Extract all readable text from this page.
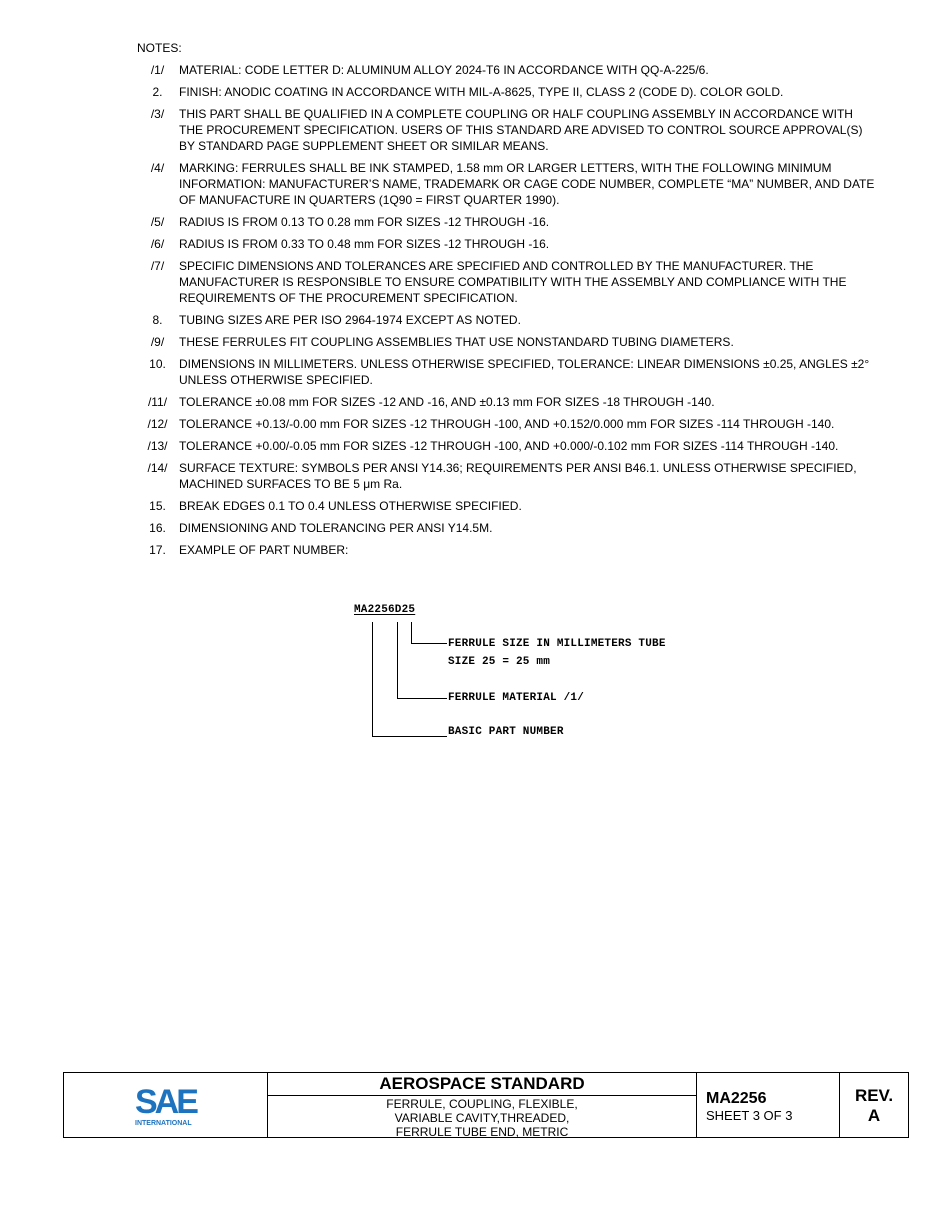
NOTES:
/1/	MATERIAL: CODE LETTER D: ALUMINUM ALLOY 2024-T6 IN ACCORDANCE WITH QQ-A-225/6.
2.	FINISH: ANODIC COATING IN ACCORDANCE WITH MIL-A-8625, TYPE II, CLASS 2 (CODE D). COLOR GOLD.
/3/	THIS PART SHALL BE QUALIFIED IN A COMPLETE COUPLING OR HALF COUPLING ASSEMBLY IN ACCORDANCE WITH THE PROCUREMENT SPECIFICATION. USERS OF THIS STANDARD ARE ADVISED TO CONTROL SOURCE APPROVAL(S) BY STANDARD PAGE SUPPLEMENT SHEET OR SIMILAR MEANS.
/4/	MARKING: FERRULES SHALL BE INK STAMPED, 1.58 mm OR LARGER LETTERS, WITH THE FOLLOWING MINIMUM INFORMATION: MANUFACTURER’S NAME, TRADEMARK OR CAGE CODE NUMBER, COMPLETE “MA” NUMBER, AND DATE OF MANUFACTURE IN QUARTERS (1Q90 = FIRST QUARTER 1990).
/5/	RADIUS IS FROM 0.13 TO 0.28 mm FOR SIZES -12 THROUGH -16.
/6/	RADIUS IS FROM 0.33 TO 0.48 mm FOR SIZES -12 THROUGH -16.
/7/	SPECIFIC DIMENSIONS AND TOLERANCES ARE SPECIFIED AND CONTROLLED BY THE MANUFACTURER. THE MANUFACTURER IS RESPONSIBLE TO ENSURE COMPATIBILITY WITH THE ASSEMBLY AND COMPLIANCE WITH THE REQUIREMENTS OF THE PROCUREMENT SPECIFICATION.
8.	TUBING SIZES ARE PER ISO 2964-1974 EXCEPT AS NOTED.
/9/	THESE FERRULES FIT COUPLING ASSEMBLIES THAT USE NONSTANDARD TUBING DIAMETERS.
10.	DIMENSIONS IN MILLIMETERS. UNLESS OTHERWISE SPECIFIED, TOLERANCE: LINEAR DIMENSIONS ±0.25, ANGLES ±2° UNLESS OTHERWISE SPECIFIED.
/11/ TOLERANCE ±0.08 mm FOR SIZES -12 AND -16, AND ±0.13 mm FOR SIZES -18 THROUGH -140.
/12/ TOLERANCE +0.13/-0.00 mm FOR SIZES -12 THROUGH -100, AND +0.152/0.000 mm FOR SIZES -114 THROUGH -140.
/13/ TOLERANCE +0.00/-0.05 mm FOR SIZES -12 THROUGH -100, AND +0.000/-0.102 mm FOR SIZES -114 THROUGH -140.
/14/ SURFACE TEXTURE: SYMBOLS PER ANSI Y14.36; REQUIREMENTS PER ANSI B46.1. UNLESS OTHERWISE SPECIFIED, MACHINED SURFACES TO BE 5 μm Ra.
15.	BREAK EDGES 0.1 TO 0.4 UNLESS OTHERWISE SPECIFIED.
16.	DIMENSIONING AND TOLERANCING PER ANSI Y14.5M.
17.	EXAMPLE OF PART NUMBER:
MA2256D25
FERRULE SIZE IN MILLIMETERS TUBE
SIZE 25 = 25 mm
FERRULE MATERIAL /1/
BASIC PART NUMBER
SAE
INTERNATIONAL
AEROSPACE STANDARD
FERRULE, COUPLING, FLEXIBLE,
VARIABLE CAVITY,THREADED,
FERRULE TUBE END, METRIC
MA2256
SHEET 3 OF 3
REV.
A
